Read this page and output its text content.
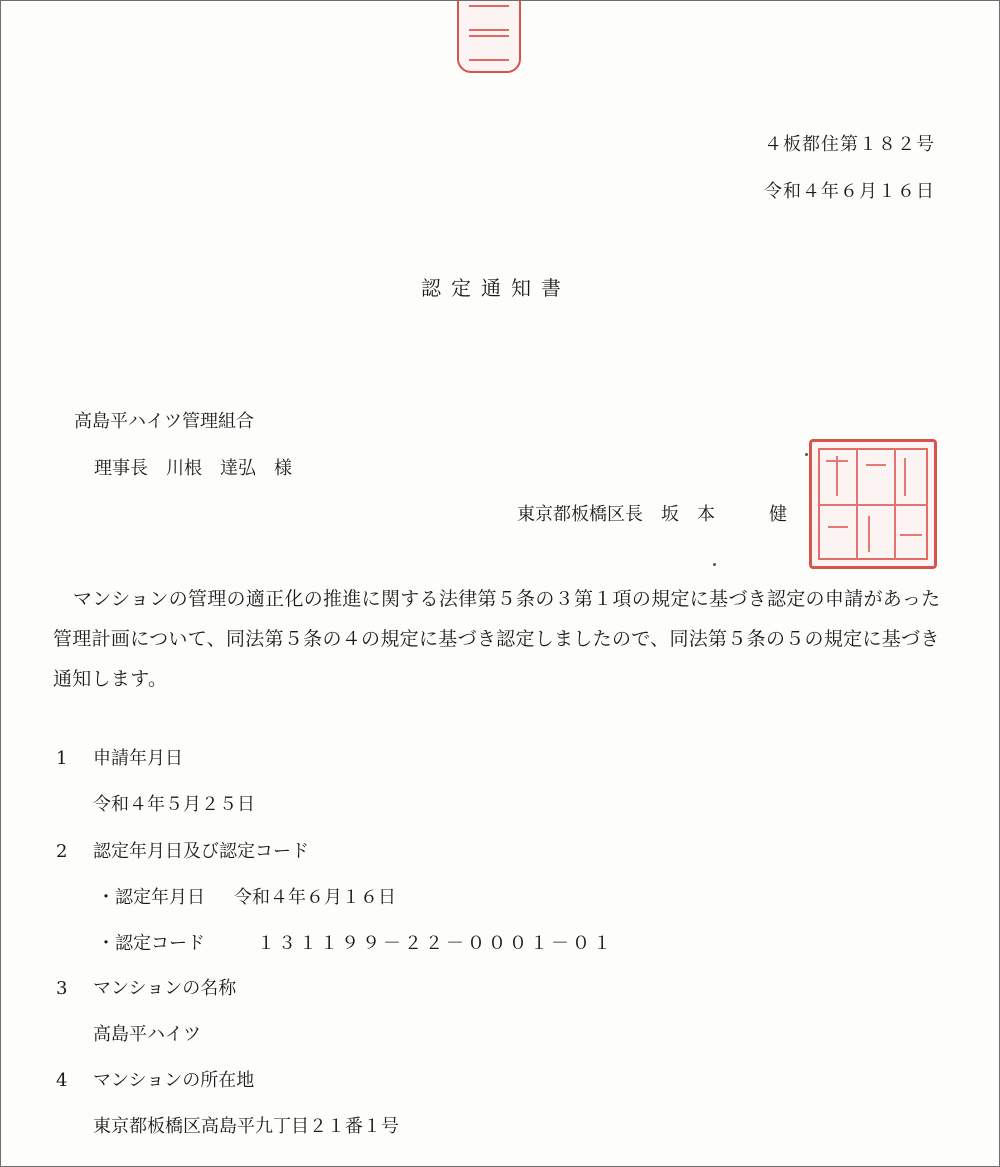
４板都住第１８２号
令和４年６月１６日
認定通知書
高島平ハイツ管理組合
理事長　川根　達弘　様
東京都板橋区長　坂　本　　　健
マンションの管理の適正化の推進に関する法律第５条の３第１項の規定に基づき認定の申請があった管理計画について、同法第５条の４の規定に基づき認定しましたので、同法第５条の５の規定に基づき通知します。
1 申請年月日
令和４年５月２５日
2 認定年月日及び認定コード
・認定年月日 令和４年６月１６日
・認定コード	１３１１９９－２２－０００１－０１
3 マンションの名称
高島平ハイツ
4 マンションの所在地
東京都板橋区高島平九丁目２１番１号
